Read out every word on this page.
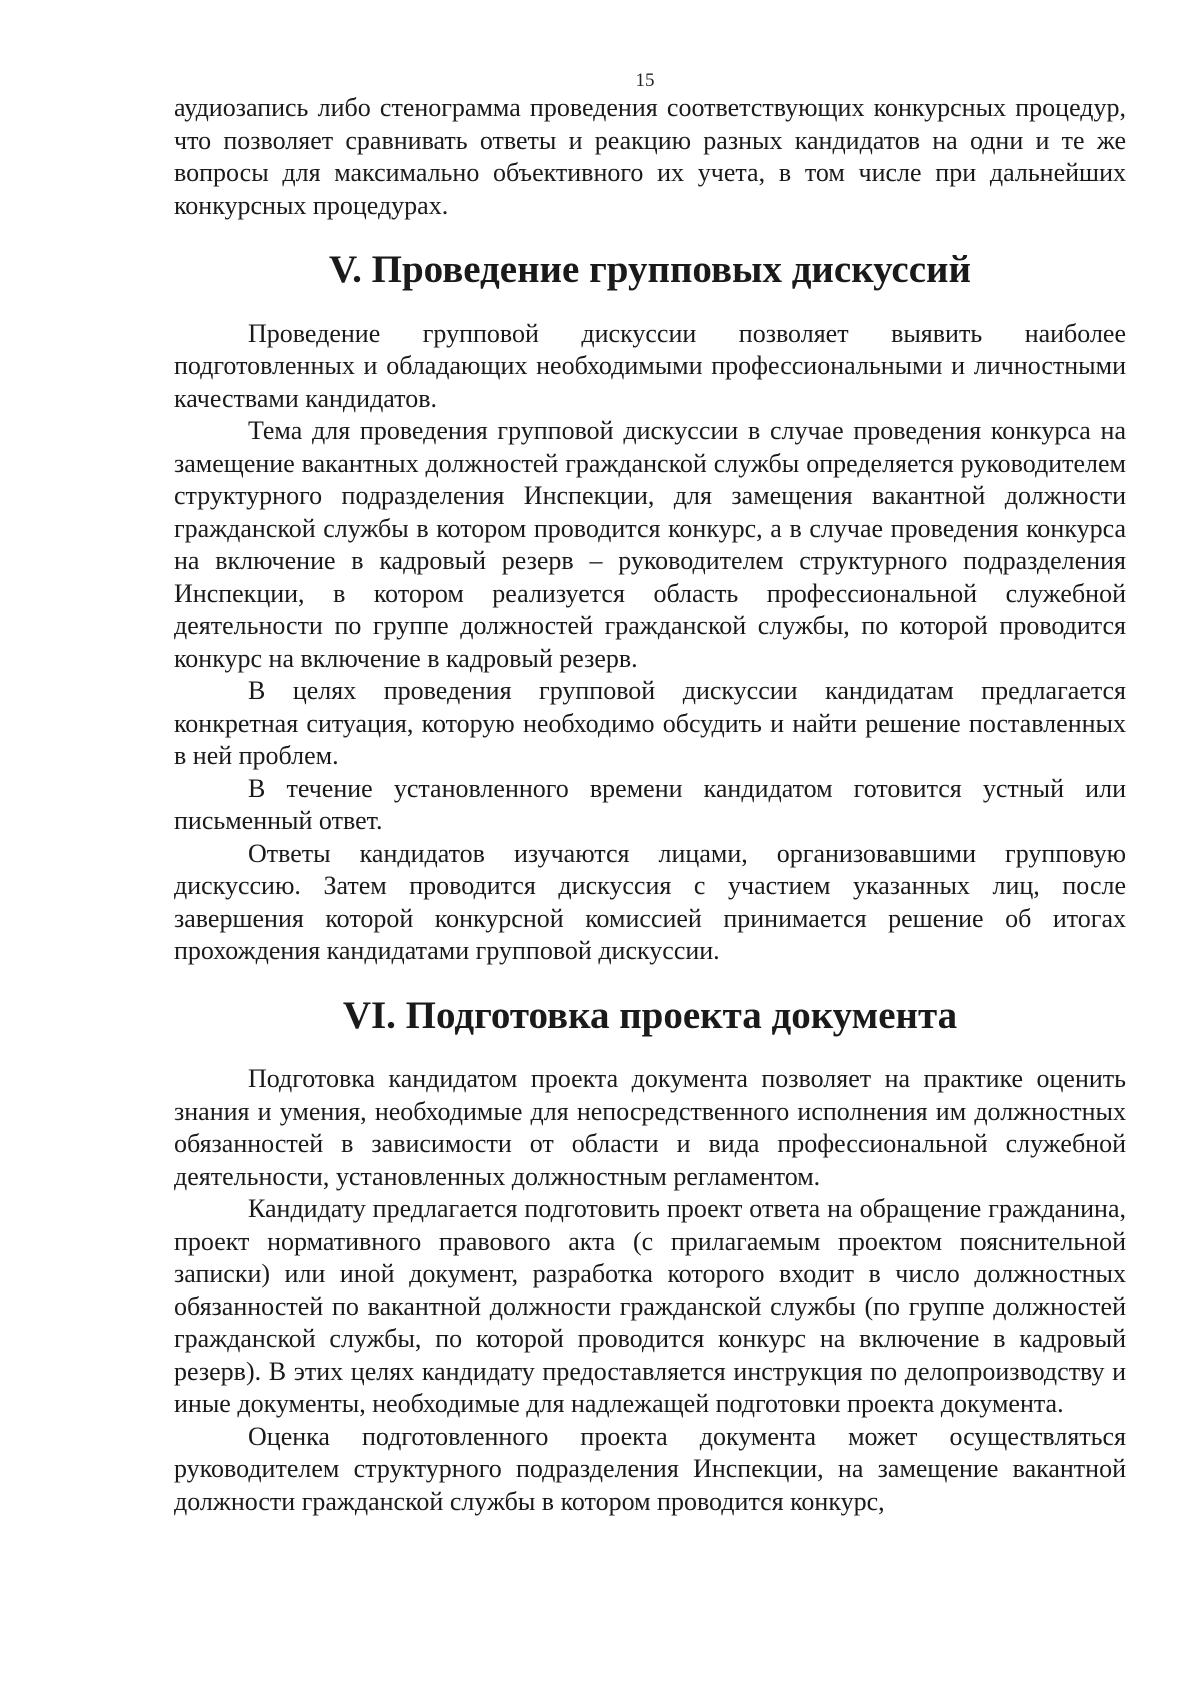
15

аудиозапись либо стенограмма проведения соответствующих конкурсных процедур, что позволяет сравнивать ответы и реакцию разных кандидатов на одни и те же вопросы для максимально объективного их учета, в том числе при дальнейших конкурсных процедурах.

V. Проведение групповых дискуссий

Проведение групповой дискуссии позволяет выявить наиболее подготовленных и обладающих необходимыми профессиональными и личностными качествами кандидатов.

Тема для проведения групповой дискуссии в случае проведения конкурса на замещение вакантных должностей гражданской службы определяется руководителем структурного подразделения Инспекции, для замещения вакантной должности гражданской службы в котором проводится конкурс, а в случае проведения конкурса на включение в кадровый резерв – руководителем структурного подразделения Инспекции, в котором реализуется область профессиональной служебной деятельности по группе должностей гражданской службы, по которой проводится конкурс на включение в кадровый резерв.

В целях проведения групповой дискуссии кандидатам предлагается конкретная ситуация, которую необходимо обсудить и найти решение поставленных в ней проблем.

В течение установленного времени кандидатом готовится устный или письменный ответ.

Ответы кандидатов изучаются лицами, организовавшими групповую дискуссию. Затем проводится дискуссия с участием указанных лиц, после завершения которой конкурсной комиссией принимается решение об итогах прохождения кандидатами групповой дискуссии.

VI. Подготовка проекта документа

Подготовка кандидатом проекта документа позволяет на практике оценить знания и умения, необходимые для непосредственного исполнения им должностных обязанностей в зависимости от области и вида профессиональной служебной деятельности, установленных должностным регламентом.

Кандидату предлагается подготовить проект ответа на обращение гражданина, проект нормативного правового акта (с прилагаемым проектом пояснительной записки) или иной документ, разработка которого входит в число должностных обязанностей по вакантной должности гражданской службы (по группе должностей гражданской службы, по которой проводится конкурс на включение в кадровый резерв). В этих целях кандидату предоставляется инструкция по делопроизводству и иные документы, необходимые для надлежащей подготовки проекта документа.

Оценка подготовленного проекта документа может осуществляться руководителем структурного подразделения Инспекции, на замещение вакантной должности гражданской службы в котором проводится конкурс,
